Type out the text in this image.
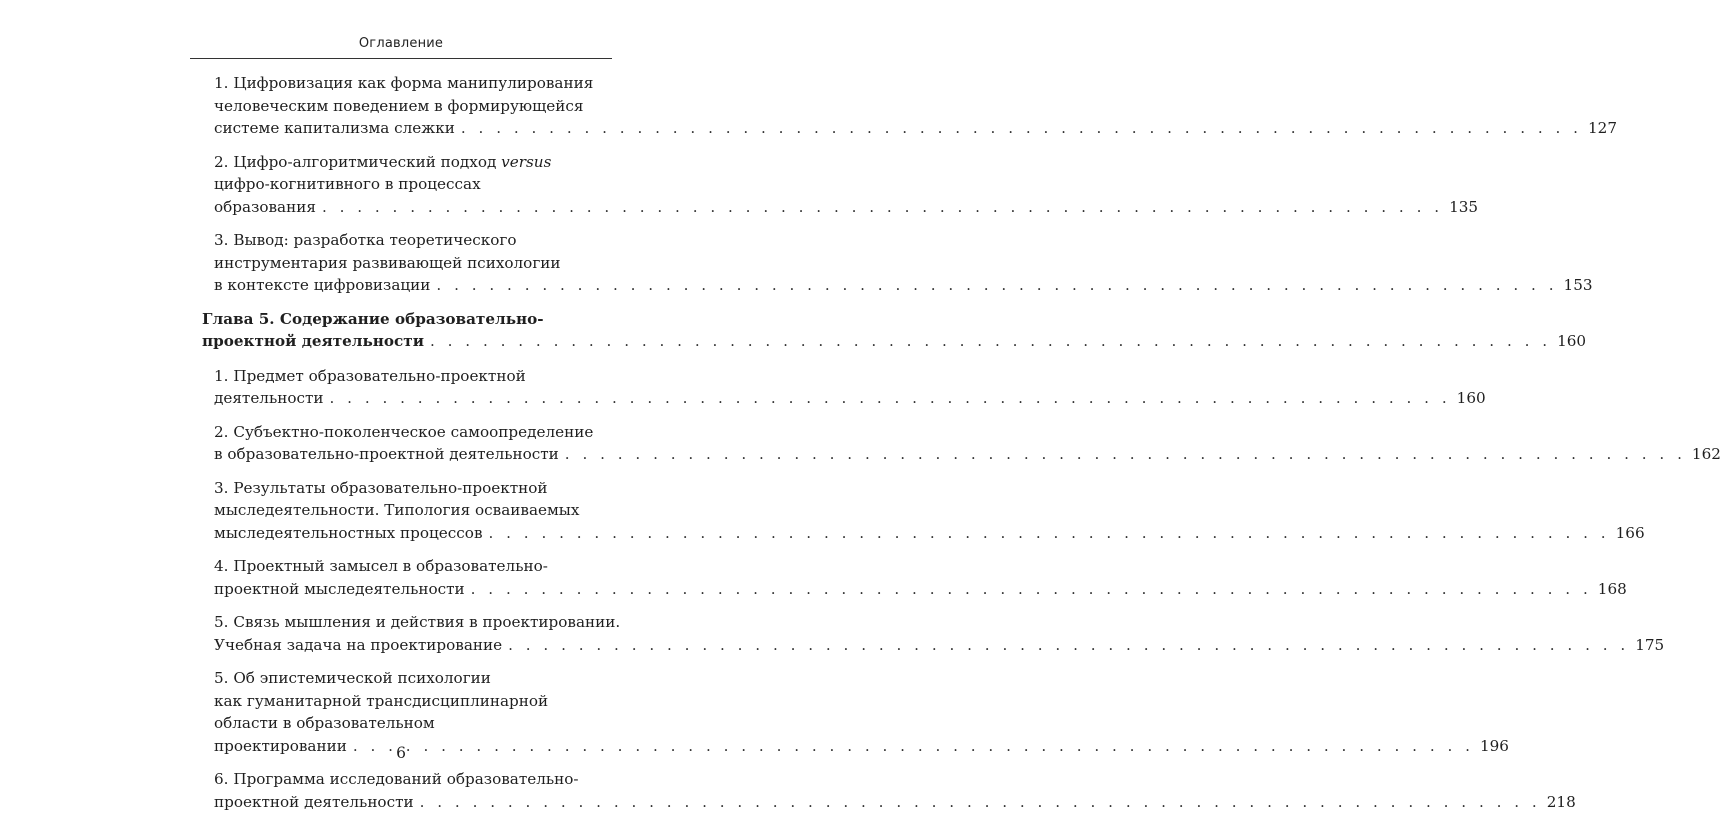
Оглавление
1. Цифровизация как форма манипулирования
человеческим поведением в формирующейся
системе капитализма слежки . . .	127
2. Цифро-алгоритмический подход versus
цифро-когнитивного в процессах
образования . . .	135
3. Вывод: разработка теоретического
инструментария развивающей психологии
в контексте цифровизации . . .	153
Глава 5. Содержание образовательно-
проектной деятельности . . .	160
1. Предмет образовательно-проектной
деятельности . . .	160
2. Субъектно-поколенческое самоопределение
в образовательно-проектной деятельности . . .	162
3. Результаты образовательно-проектной
мыследеятельности. Типология осваиваемых
мыследеятельностных процессов . . .	166
4. Проектный замысел в образовательно-
проектной мыследеятельности . . .	168
5. Связь мышления и действия в проектировании.
Учебная задача на проектирование . . .	175
5. Об эпистемической психологии
как гуманитарной трансдисциплинарной
области в образовательном
проектировании . . .	196
6. Программа исследований образовательно-
проектной деятельности . . .	218
6
